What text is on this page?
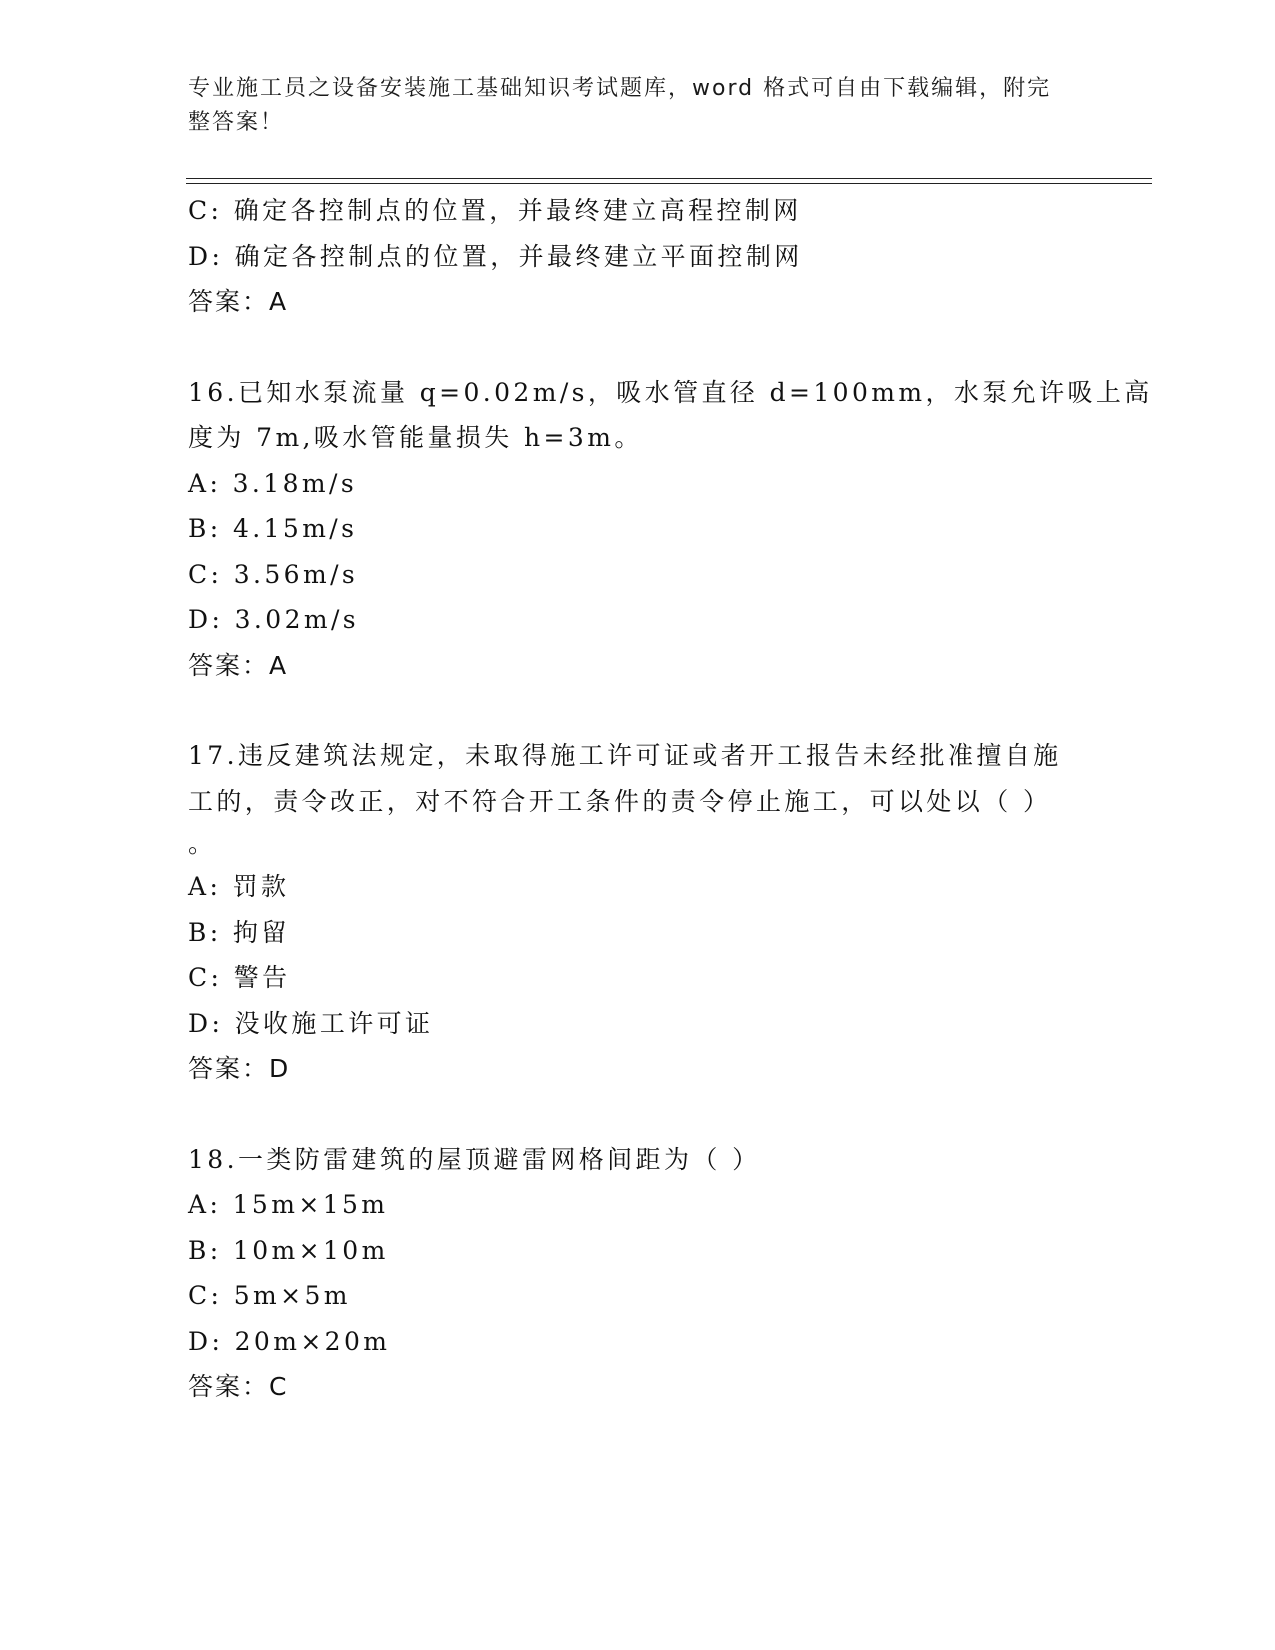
专业施工员之设备安装施工基础知识考试题库，word 格式可自由下载编辑，附完
整答案！
C: 确定各控制点的位置，并最终建立高程控制网
D: 确定各控制点的位置，并最终建立平面控制网
答案：A
16.已知水泵流量 q=0.02m/s，吸水管直径 d=100mm，水泵允许吸上高
度为 7m,吸水管能量损失 h=3m。
A: 3.18m/s
B: 4.15m/s
C: 3.56m/s
D: 3.02m/s
答案：A
17.违反建筑法规定，未取得施工许可证或者开工报告未经批准擅自施
工的，责令改正，对不符合开工条件的责令停止施工，可以处以（ ）
。
A: 罚款
B: 拘留
C: 警告
D: 没收施工许可证
答案：D
18.一类防雷建筑的屋顶避雷网格间距为（ ）
A: 15m×15m
B: 10m×10m
C: 5m×5m
D: 20m×20m
答案：C
